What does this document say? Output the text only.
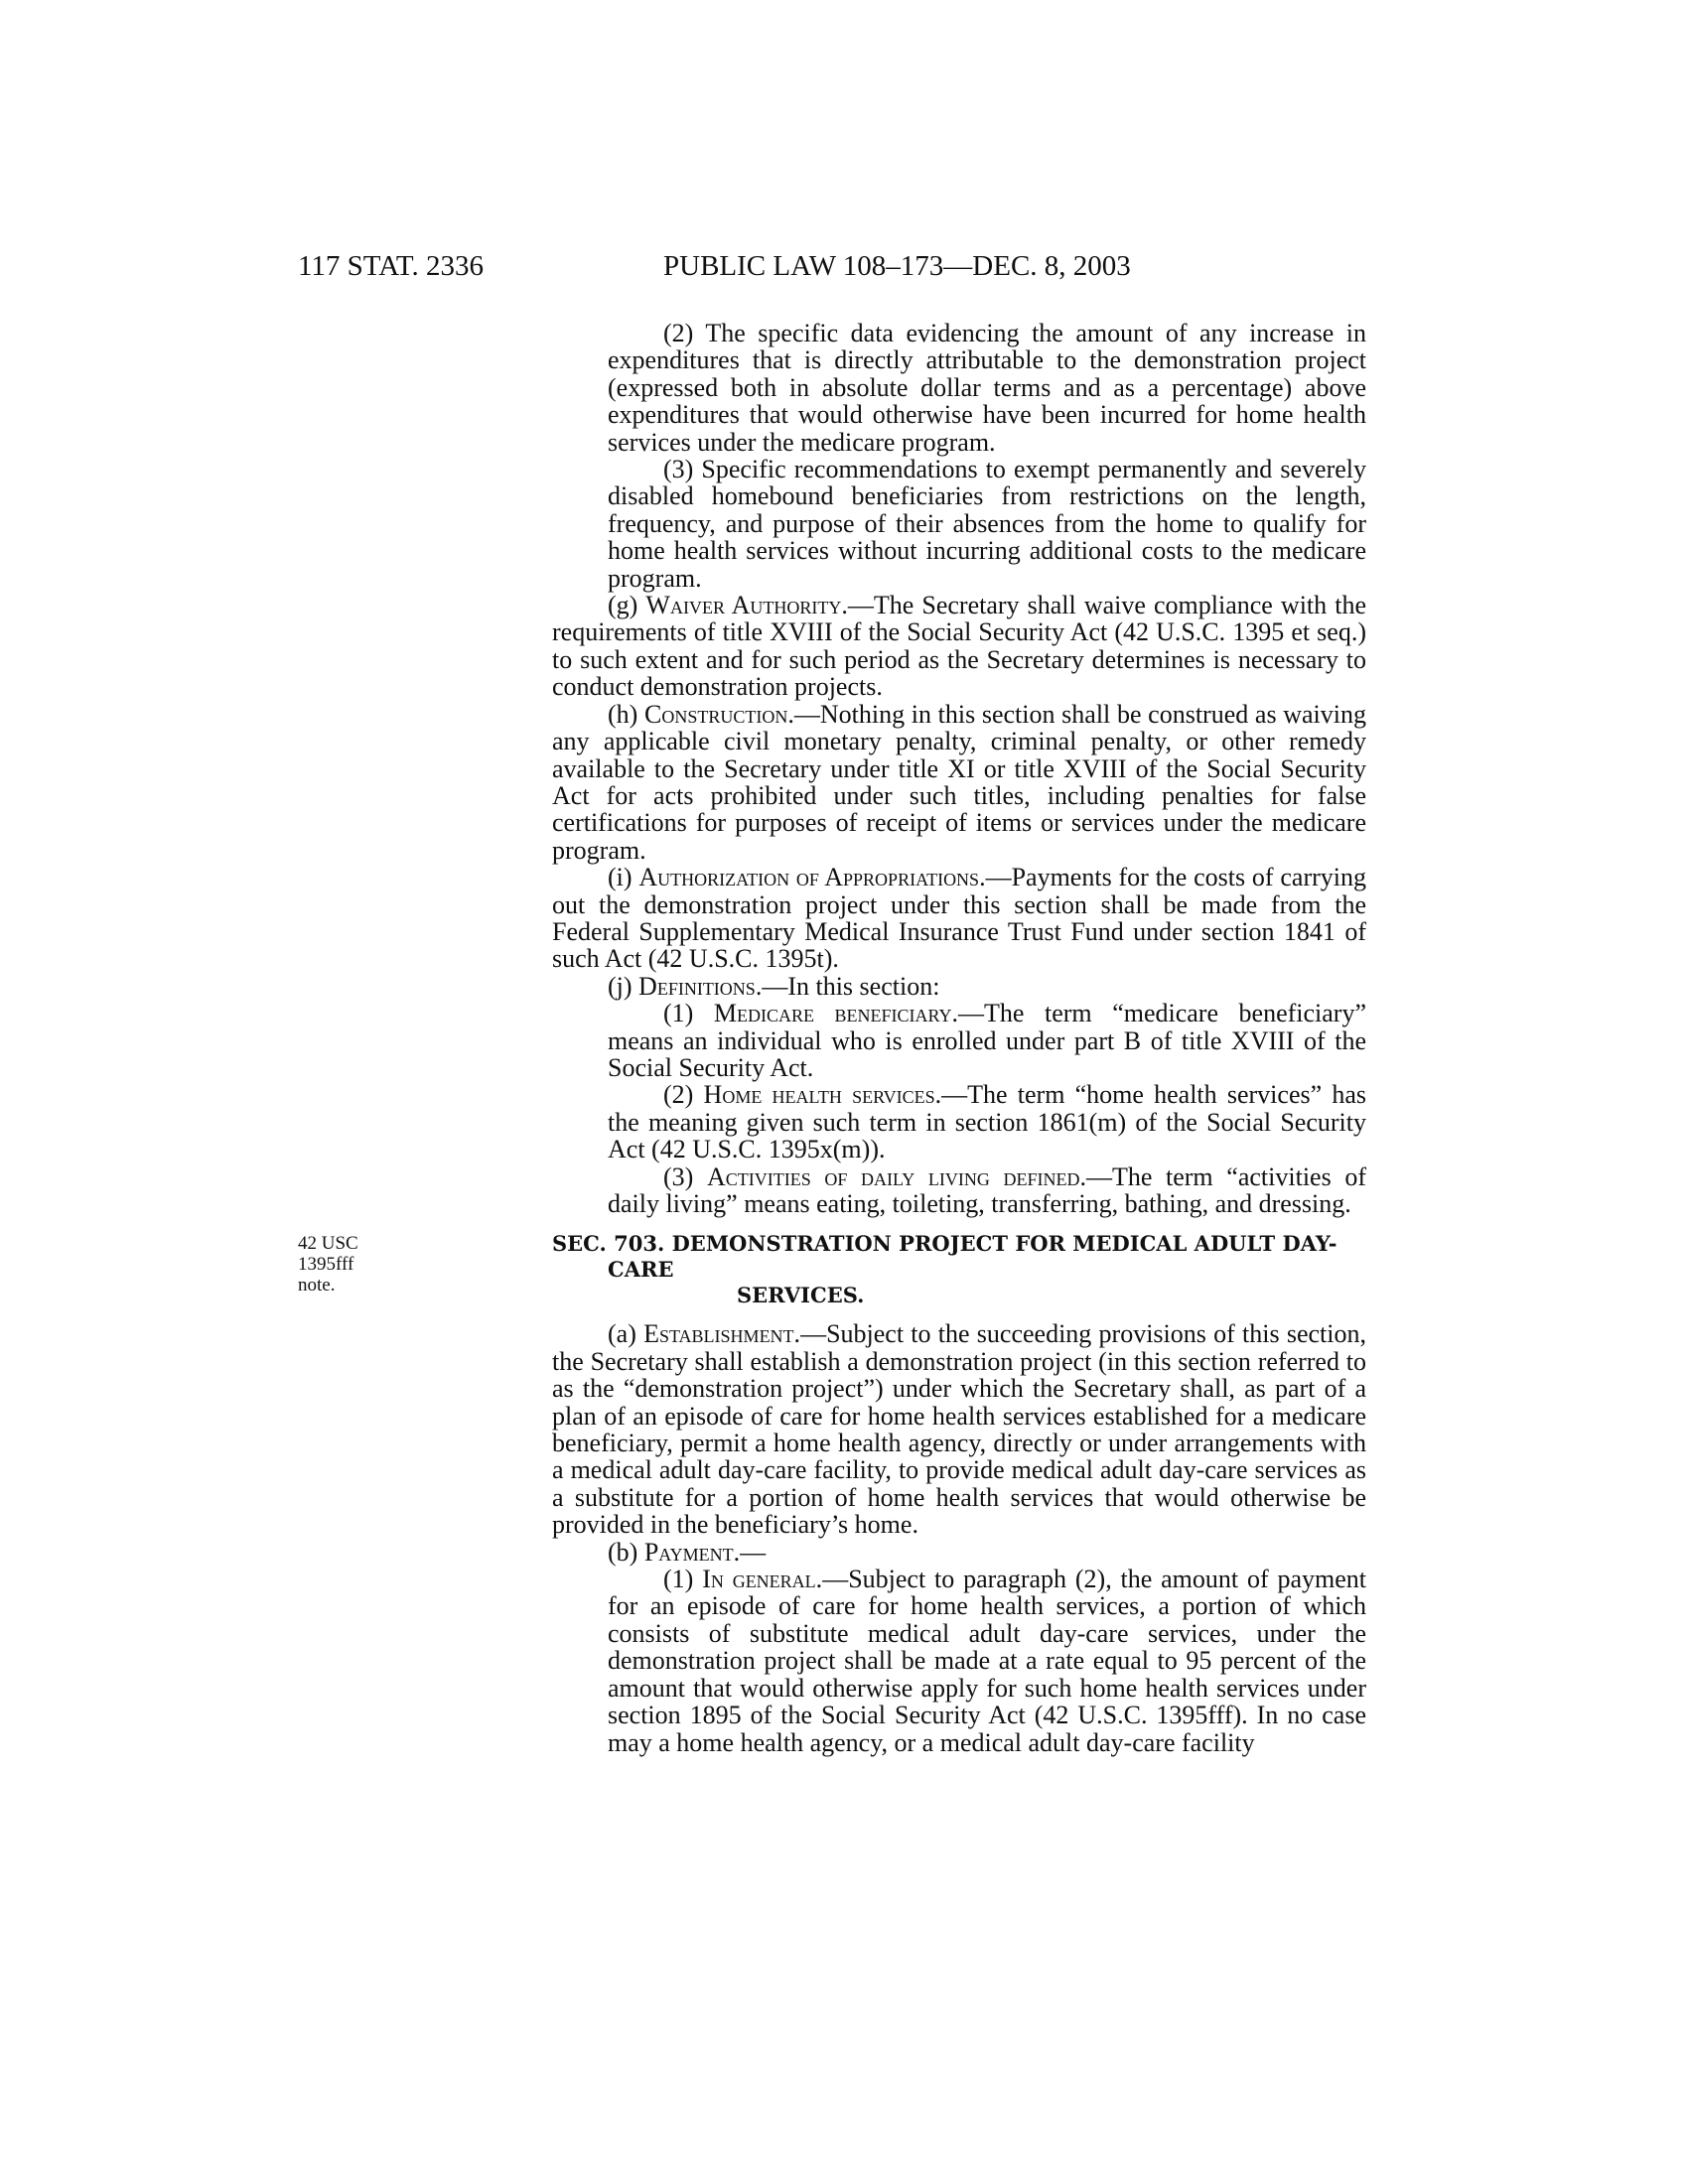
117 STAT. 2336	PUBLIC LAW 108–173—DEC. 8, 2003

(2) The specific data evidencing the amount of any increase in expenditures that is directly attributable to the demonstration project (expressed both in absolute dollar terms and as a percentage) above expenditures that would otherwise have been incurred for home health services under the medicare program.

(3) Specific recommendations to exempt permanently and severely disabled homebound beneficiaries from restrictions on the length, frequency, and purpose of their absences from the home to qualify for home health services without incurring additional costs to the medicare program.

(g) Waiver Authority.—The Secretary shall waive compliance with the requirements of title XVIII of the Social Security Act (42 U.S.C. 1395 et seq.) to such extent and for such period as the Secretary determines is necessary to conduct demonstration projects.

(h) Construction.—Nothing in this section shall be construed as waiving any applicable civil monetary penalty, criminal penalty, or other remedy available to the Secretary under title XI or title XVIII of the Social Security Act for acts prohibited under such titles, including penalties for false certifications for purposes of receipt of items or services under the medicare program.

(i) Authorization of Appropriations.—Payments for the costs of carrying out the demonstration project under this section shall be made from the Federal Supplementary Medical Insurance Trust Fund under section 1841 of such Act (42 U.S.C. 1395t).

(j) Definitions.—In this section:

(1) Medicare beneficiary.—The term “medicare beneficiary” means an individual who is enrolled under part B of title XVIII of the Social Security Act.

(2) Home health services.—The term “home health services” has the meaning given such term in section 1861(m) of the Social Security Act (42 U.S.C. 1395x(m)).

(3) Activities of daily living defined.—The term “activities of daily living” means eating, toileting, transferring, bathing, and dressing.

42 USC 1395fff
note.
SEC. 703. DEMONSTRATION PROJECT FOR MEDICAL ADULT DAY-CARE
SERVICES.

(a) Establishment.—Subject to the succeeding provisions of this section, the Secretary shall establish a demonstration project (in this section referred to as the “demonstration project”) under which the Secretary shall, as part of a plan of an episode of care for home health services established for a medicare beneficiary, permit a home health agency, directly or under arrangements with a medical adult day-care facility, to provide medical adult day-care services as a substitute for a portion of home health services that would otherwise be provided in the beneficiary’s home.

(b) Payment.—

(1) In general.—Subject to paragraph (2), the amount of payment for an episode of care for home health services, a portion of which consists of substitute medical adult day-care services, under the demonstration project shall be made at a rate equal to 95 percent of the amount that would otherwise apply for such home health services under section 1895 of the Social Security Act (42 U.S.C. 1395fff). In no case may a home health agency, or a medical adult day-care facility
